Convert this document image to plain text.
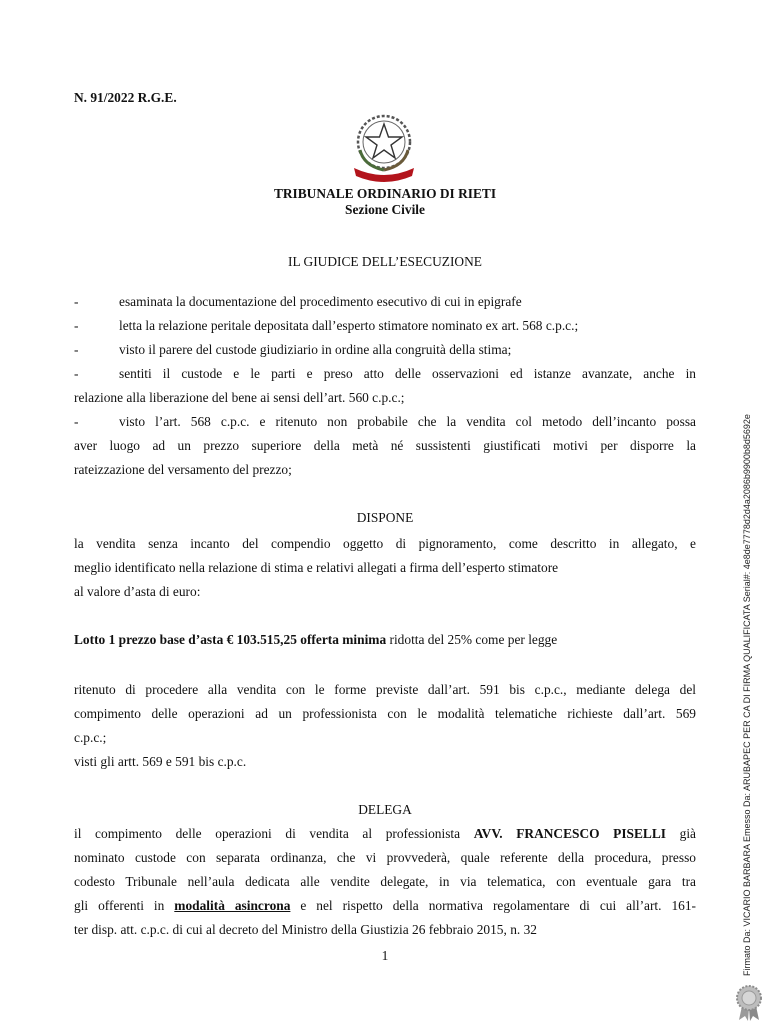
N. 91/2022 R.G.E.
TRIBUNALE ORDINARIO DI RIETI
Sezione Civile
IL GIUDICE DELL’ESECUZIONE
-	esaminata la documentazione del procedimento esecutivo di cui in epigrafe
-	letta la relazione peritale depositata dall’esperto stimatore nominato ex art. 568 c.p.c.;
-	visto il parere del custode giudiziario in ordine alla congruità della stima;
-	sentiti il custode e le parti e preso atto delle osservazioni ed istanze avanzate, anche in
relazione alla liberazione del bene ai sensi dell’art. 560 c.p.c.;
-	visto l’art. 568 c.p.c. e ritenuto non probabile che la vendita col metodo dell’incanto possa
aver luogo ad un prezzo superiore della metà né sussistenti giustificati motivi per disporre la
rateizzazione del versamento del prezzo;
DISPONE
la vendita senza incanto del compendio oggetto di pignoramento, come descritto in allegato, e
meglio identificato nella relazione di stima e relativi allegati a firma dell’esperto stimatore
al valore d’asta di euro:
Lotto 1 prezzo base d’asta € 103.515,25 offerta minima ridotta del 25% come per legge
ritenuto di procedere alla vendita con le forme previste dall’art. 591 bis c.p.c., mediante delega del
compimento delle operazioni ad un professionista con le modalità telematiche richieste dall’art. 569
c.p.c.;
visti gli artt. 569 e 591 bis c.p.c.
DELEGA
il compimento delle operazioni di vendita al professionista AVV. FRANCESCO PISELLI già
nominato custode con separata ordinanza, che vi provvederà, quale referente della procedura, presso
codesto Tribunale nell’aula dedicata alle vendite delegate, in via telematica, con eventuale gara tra
gli offerenti in modalità asincrona e nel rispetto della normativa regolamentare di cui all’art. 161-
ter disp. att. c.p.c. di cui al decreto del Ministro della Giustizia 26 febbraio 2015, n. 32
1	Firmato Da: VICARIO BARBARA Emesso Da: ARUBAPEC PER CA DI FIRMA QUALIFICATA Serial#: 4e8de7778d2d4a2086b9900b8d5692e
